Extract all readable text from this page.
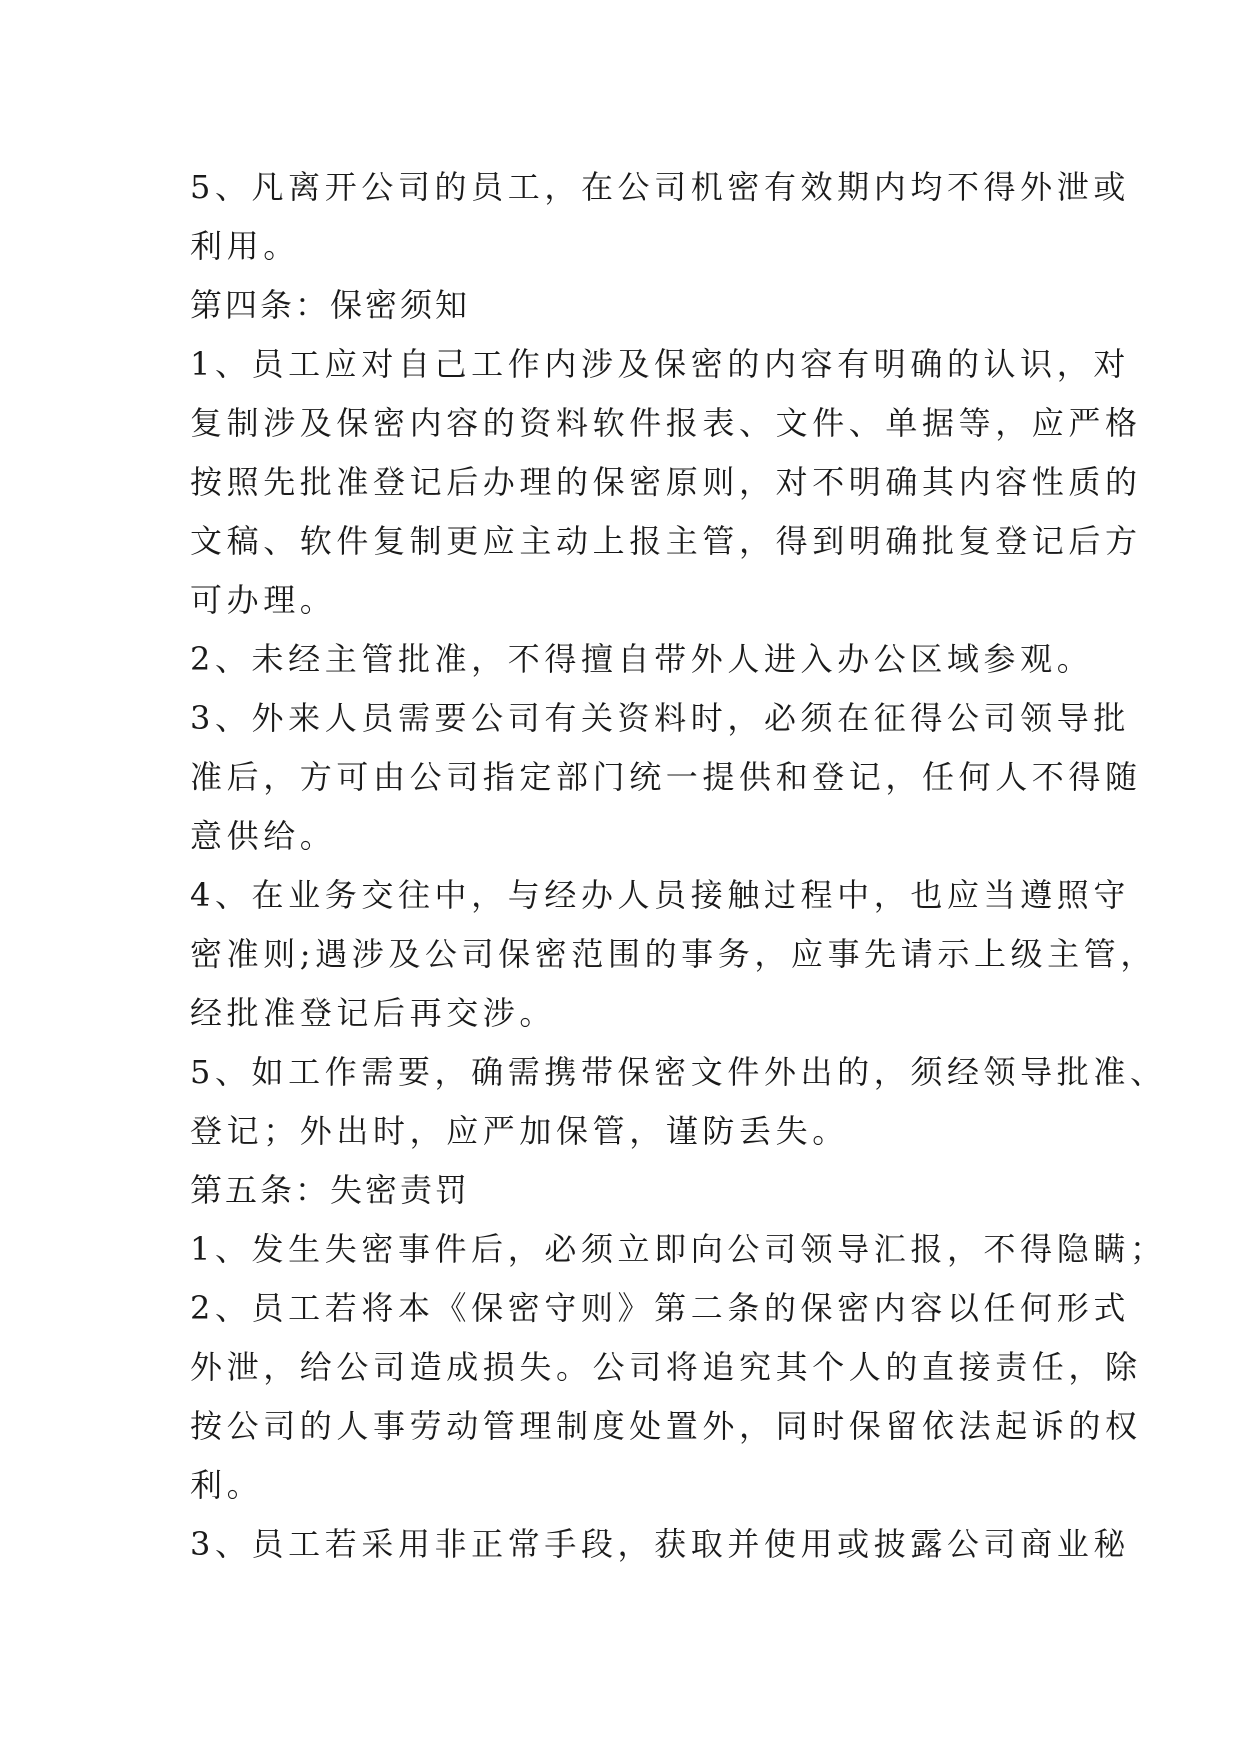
5、凡离开公司的员工，在公司机密有效期内均不得外泄或
利用。
第四条：保密须知
1、员工应对自己工作内涉及保密的内容有明确的认识，对
复制涉及保密内容的资料软件报表、文件、单据等，应严格
按照先批准登记后办理的保密原则，对不明确其内容性质的
文稿、软件复制更应主动上报主管，得到明确批复登记后方
可办理。
2、未经主管批准，不得擅自带外人进入办公区域参观。
3、外来人员需要公司有关资料时，必须在征得公司领导批
准后，方可由公司指定部门统一提供和登记，任何人不得随
意供给。
4、在业务交往中，与经办人员接触过程中，也应当遵照守
密准则;遇涉及公司保密范围的事务，应事先请示上级主管，
经批准登记后再交涉。
5、如工作需要，确需携带保密文件外出的，须经领导批准、
登记；外出时，应严加保管，谨防丢失。
第五条：失密责罚
1、发生失密事件后，必须立即向公司领导汇报，不得隐瞒；
2、员工若将本《保密守则》第二条的保密内容以任何形式
外泄，给公司造成损失。公司将追究其个人的直接责任，除
按公司的人事劳动管理制度处置外，同时保留依法起诉的权
利。
3、员工若采用非正常手段，获取并使用或披露公司商业秘
